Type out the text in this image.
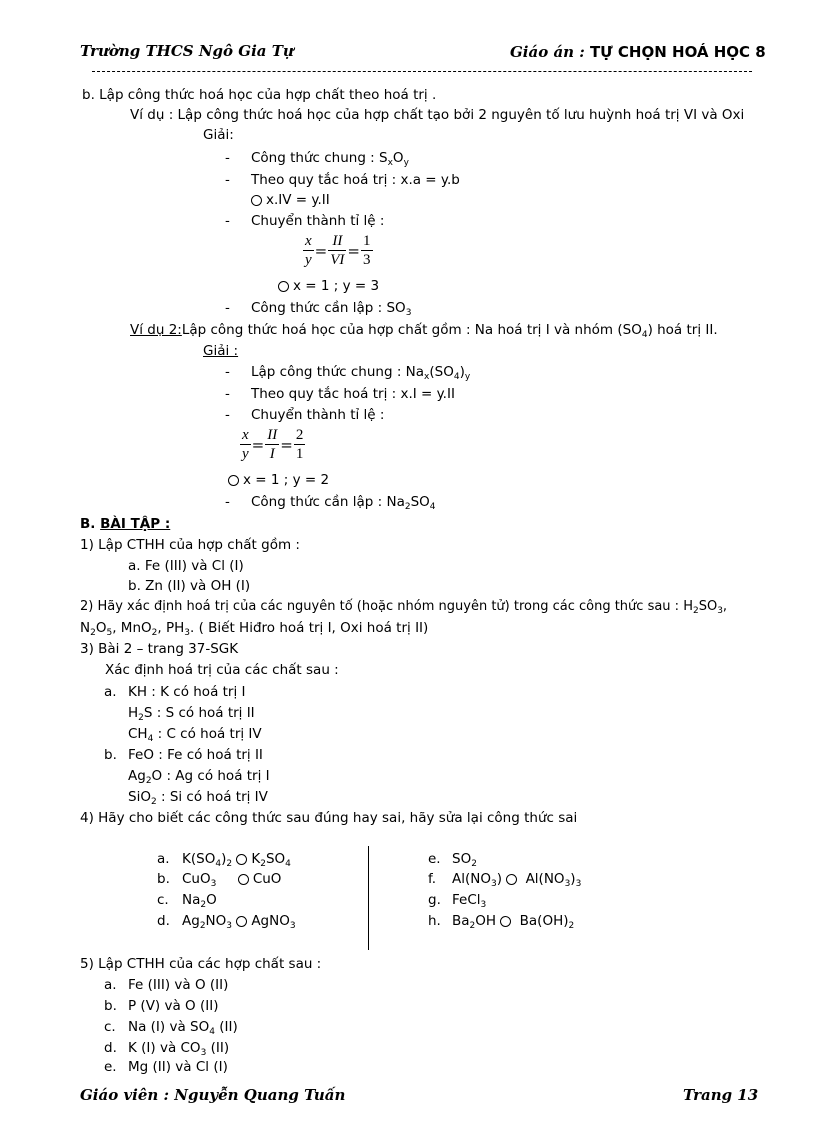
Trường THCS Ngô Gia Tự	Giáo án : TỰ CHỌN HOÁ HỌC 8
b. Lập công thức hoá học của hợp chất theo hoá trị .
Ví dụ : Lập công thức hoá học của hợp chất tạo bởi 2 nguyên tố lưu huỳnh hoá trị VI và Oxi
Giải:
- Công thức chung : $S_xO_y$
- Theo quy tắc hoá trị : x.a = y.b
x.IV = y.II
- Chuyển thành tỉ lệ :
$\frac{x}{y} = \frac{II}{VI} = \frac{1}{3}$
x = 1 ; y = 3
- Công thức cần lập : $SO_3$
Ví dụ 2:Lập công thức hoá học của hợp chất gồm : Na hoá trị I và nhóm $(SO_4)$ hoá trị II.
Giải :
- Lập công thức chung : $Na_x(SO_4)_y$
- Theo quy tắc hoá trị : x.I = y.II
- Chuyển thành tỉ lệ :
$\frac{x}{y} = \frac{II}{I} = \frac{2}{1}$
x = 1 ; y = 2
- Công thức cần lập : $Na_2SO_4$
B. BÀI TẬP :
1) Lập CTHH của hợp chất gồm :
a. Fe (III) và Cl (I)
b. Zn (II) và OH (I)
2) Hãy xác định hoá trị của các nguyên tố (hoặc nhóm nguyên tử) trong các công thức sau : $H_2SO_3$,
$N_2O_5$, MnO$_2$, $PH_3$. ( Biết Hiđro hoá trị I, Oxi hoá trị II)
3) Bài 2 – trang 37-SGK
Xác định hoá trị của các chất sau :
a. KH : K có hoá trị I
$H_2S$ : S có hoá trị II
$CH_4$ : C có hoá trị IV
b. FeO : Fe có hoá trị II
$Ag_2O$ : Ag có hoá trị I
SiO$_2$ : Si có hoá trị IV
4) Hãy cho biết các công thức sau đúng hay sai, hãy sửa lại công thức sai
a. $K(SO_4)_2$ $K_2SO_4$
b. CuO$_3$	CuO
c. $Na_2O$
d. $Ag_2NO_3$ AgNO$_3$
e. $SO_2$
f. $Al(NO_3)$  $Al(NO_3)_3$
g. FeCl$_3$
h. $Ba_2OH$  $Ba(OH)_2$
5) Lập CTHH của các hợp chất sau :
a. Fe (III) và O (II)
b. P (V) và O (II)
c. Na (I) và $SO_4$ (II)
d. K (I) và $CO_3$ (II)
e. Mg (II) và Cl (I)
Giáo viên : Nguyễn Quang Tuấn	Trang 13
